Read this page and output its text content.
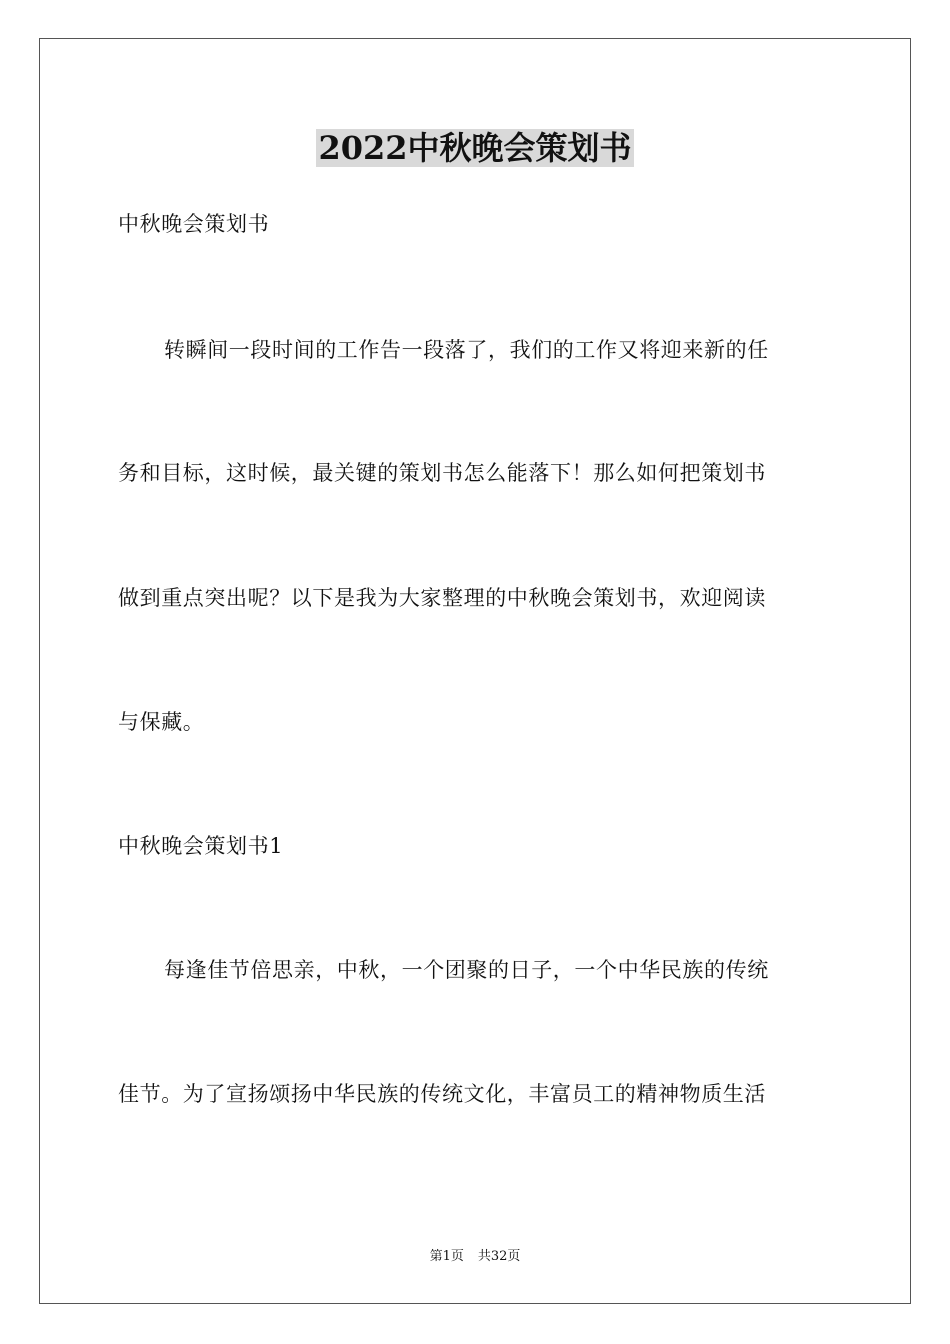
2022中秋晚会策划书
中秋晚会策划书
转瞬间一段时间的工作告一段落了，我们的工作又将迎来新的任
务和目标，这时候，最关键的策划书怎么能落下！那么如何把策划书
做到重点突出呢？以下是我为大家整理的中秋晚会策划书，欢迎阅读
与保藏。
中秋晚会策划书1
每逢佳节倍思亲，中秋，一个团聚的日子，一个中华民族的传统
佳节。为了宣扬颂扬中华民族的传统文化，丰富员工的精神物质生活
第1页 共32页
